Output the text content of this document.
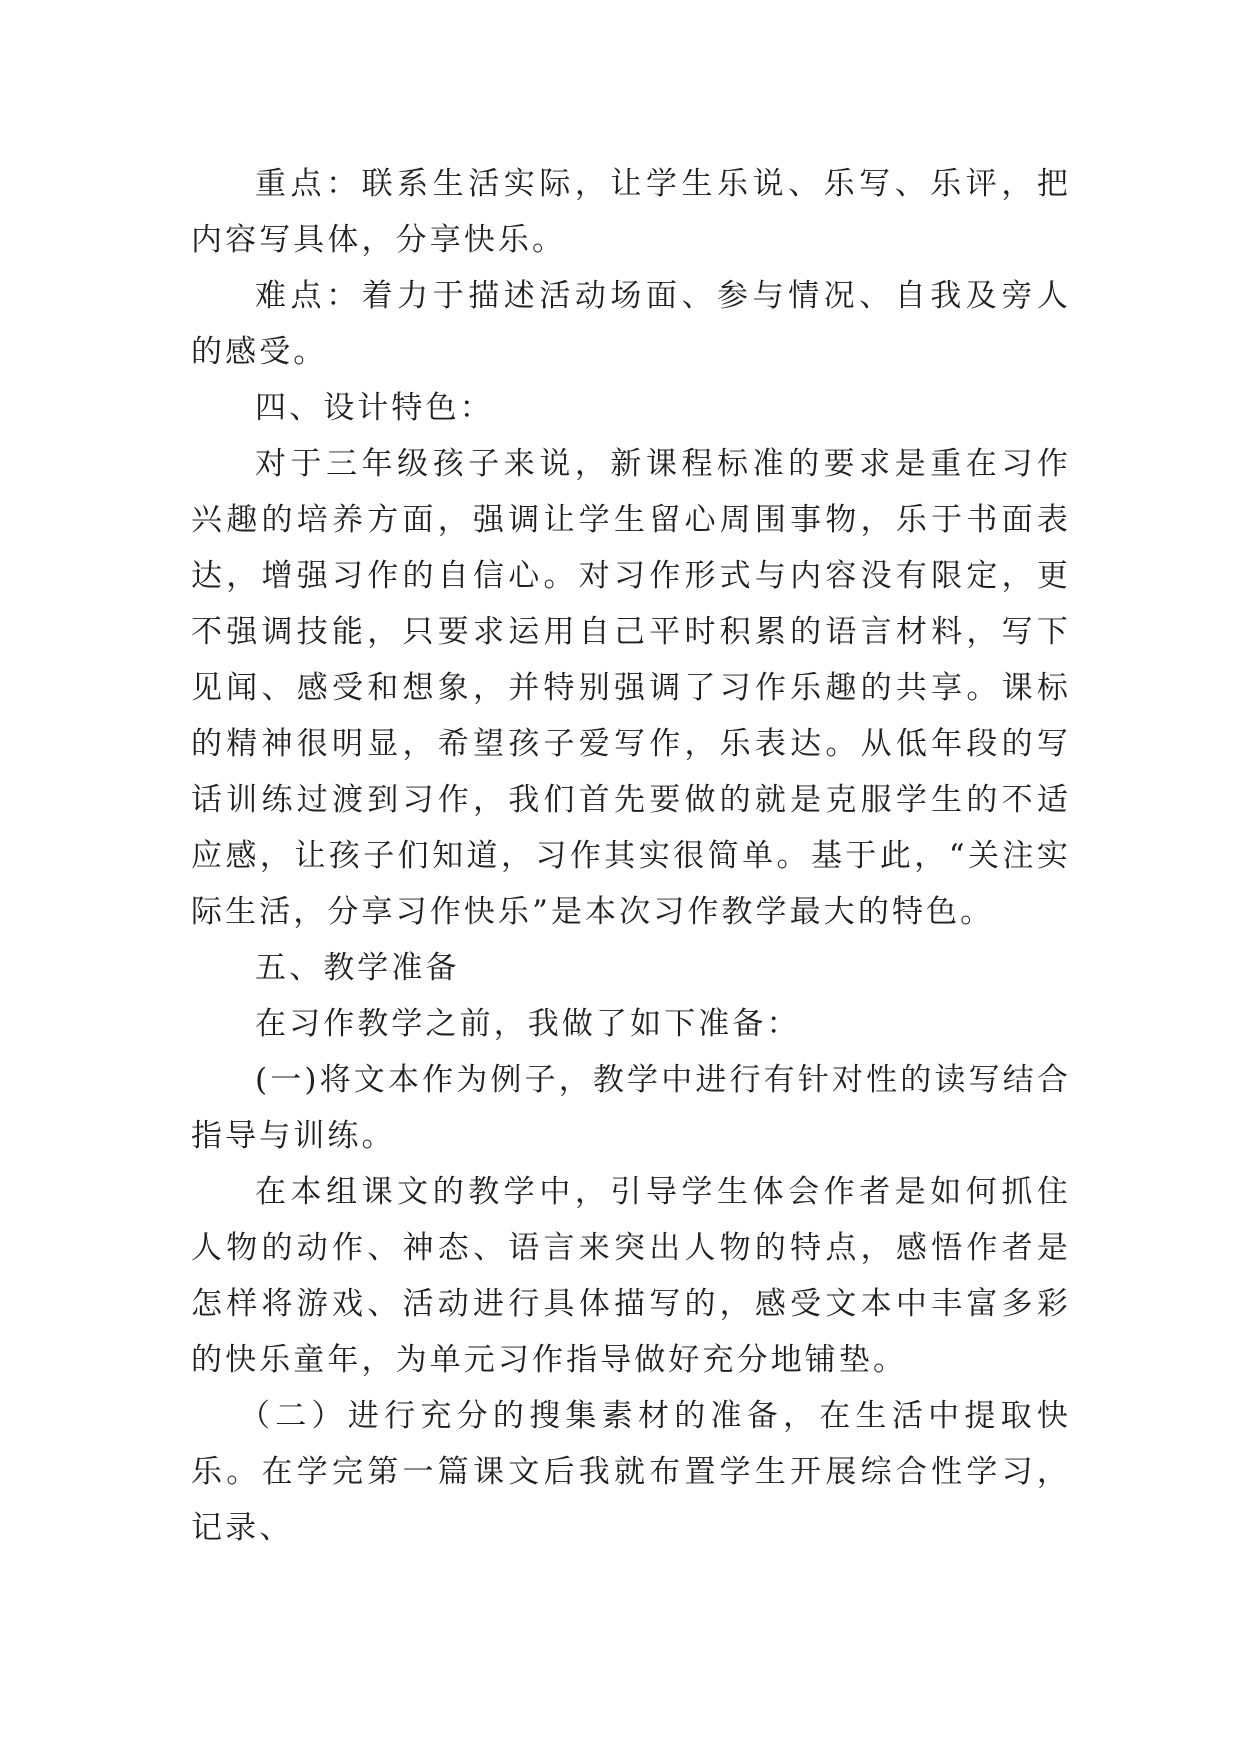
重点：联系生活实际，让学生乐说、乐写、乐评，把内容写具体，分享快乐。

难点：着力于描述活动场面、参与情况、自我及旁人的感受。

四、设计特色：

对于三年级孩子来说，新课程标准的要求是重在习作兴趣的培养方面，强调让学生留心周围事物，乐于书面表达，增强习作的自信心。对习作形式与内容没有限定，更不强调技能，只要求运用自己平时积累的语言材料，写下见闻、感受和想象，并特别强调了习作乐趣的共享。课标的精神很明显，希望孩子爱写作，乐表达。从低年段的写话训练过渡到习作，我们首先要做的就是克服学生的不适应感，让孩子们知道，习作其实很简单。基于此，“关注实际生活，分享习作快乐”是本次习作教学最大的特色。

五、教学准备

在习作教学之前，我做了如下准备：

(一)将文本作为例子，教学中进行有针对性的读写结合指导与训练。

在本组课文的教学中，引导学生体会作者是如何抓住人物的动作、神态、语言来突出人物的特点，感悟作者是怎样将游戏、活动进行具体描写的，感受文本中丰富多彩的快乐童年，为单元习作指导做好充分地铺垫。

（二）进行充分的搜集素材的准备，在生活中提取快乐。在学完第一篇课文后我就布置学生开展综合性学习，记录、
